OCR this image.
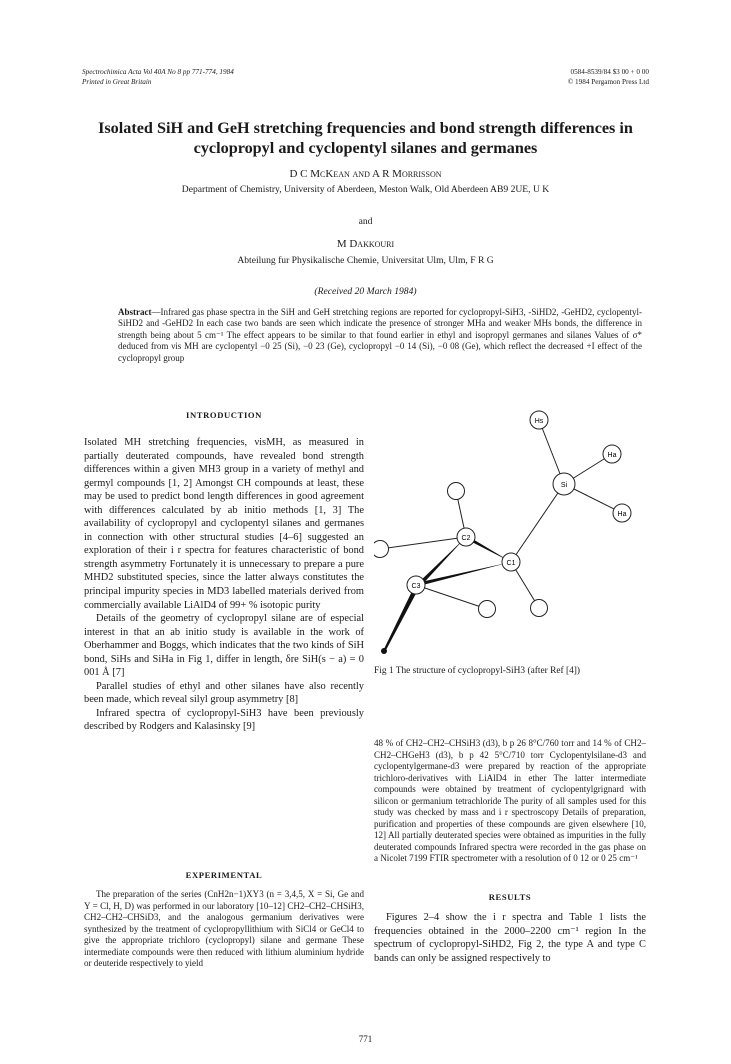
Spectrochimica Acta Vol 40A No 8 pp 771-774, 1984
Printed in Great Britain
0584-8539/84 $3 00 + 0 00
© 1984 Pergamon Press Ltd
Isolated SiH and GeH stretching frequencies and bond strength differences in cyclopropyl and cyclopentyl silanes and germanes
D C McKean and A R Morrisson
Department of Chemistry, University of Aberdeen, Meston Walk, Old Aberdeen AB9 2UE, U K
and
M Dakkouri
Abteilung fur Physikalische Chemie, Universitat Ulm, Ulm, F R G
(Received 20 March 1984)
Abstract—Infrared gas phase spectra in the SiH and GeH stretching regions are reported for cyclopropyl-SiH3, -SiHD2, -GeHD2, cyclopentyl-SiHD2 and -GeHD2 In each case two bands are seen which indicate the presence of stronger MHa and weaker MHs bonds, the difference in strength being about 5 cm⁻¹ The effect appears to be similar to that found earlier in ethyl and isopropyl germanes and silanes Values of σ* deduced from νis MH are cyclopentyl −0 25 (Si), −0 23 (Ge), cyclopropyl −0 14 (Si), −0 08 (Ge), which reflect the decreased +I effect of the cyclopropyl group
INTRODUCTION

Isolated MH stretching frequencies, νisMH, as measured in partially deuterated compounds, have revealed bond strength differences within a given MH3 group in a variety of methyl and germyl compounds [1, 2] Amongst CH compounds at least, these may be used to predict bond length differences in good agreement with differences calculated by ab initio methods [1, 3] The availability of cyclopropyl and cyclopentyl silanes and germanes in connection with other structural studies [4–6] suggested an exploration of their i r spectra for features characteristic of bond strength asymmetry Fortunately it is unnecessary to prepare a pure MHD2 substituted species, since the latter always constitutes the principal impurity species in MD3 labelled materials derived from commercially available LiAlD4 of 99+ % isotopic purity

Details of the geometry of cyclopropyl silane are of especial interest in that an ab initio study is available in the work of Oberhammer and Boggs, which indicates that the two kinds of SiH bond, SiHs and SiHa in Fig 1, differ in length, δre SiH(s − a) = 0 001 Å [7]

Parallel studies of ethyl and other silanes have also recently been made, which reveal silyl group asymmetry [8]

Infrared spectra of cyclopropyl-SiH3 have been previously described by Rodgers and Kalasinsky [9]

EXPERIMENTAL

The preparation of the series (CnH2n−1)XY3 (n = 3,4,5, X = Si, Ge and Y = Cl, H, D) was performed in our laboratory [10–12] CH2–CH2–CHSiH3, CH2–CH2–CHSiD3, and the analogous germanium derivatives were synthesized by the treatment of cyclopropyllithium with SiCl4 or GeCl4 to give the appropriate trichloro (cyclopropyl) silane and germane These intermediate compounds were then reduced with lithium aluminium hydride or deuteride respectively to yield

Hs
Ha
Ha
Si
C1
C2
C3
Fig 1 The structure of cyclopropyl-SiH3 (after Ref [4])

48 % of CH2–CH2–CHSiH3 (d3), b p 26 8°C/760 torr and 14 % of CH2–CH2–CHGeH3 (d3), b p 42 5°C/710 torr Cyclopentylsilane-d3 and cyclopentylgermane-d3 were prepared by reaction of the appropriate trichloro-derivatives with LiAlD4 in ether The latter intermediate compounds were obtained by treatment of cyclopentylgrignard with silicon or germanium tetrachloride The purity of all samples used for this study was checked by mass and i r spectroscopy Details of preparation, purification and properties of these compounds are given elsewhere [10, 12] All partially deuterated species were obtained as impurities in the fully deuterated compounds Infrared spectra were recorded in the gas phase on a Nicolet 7199 FTIR spectrometer with a resolution of 0 12 or 0 25 cm⁻¹

RESULTS

Figures 2–4 show the i r spectra and Table 1 lists the frequencies obtained in the 2000–2200 cm⁻¹ region In the spectrum of cyclopropyl-SiHD2, Fig 2, the type A and type C bands can only be assigned respectively to

771
